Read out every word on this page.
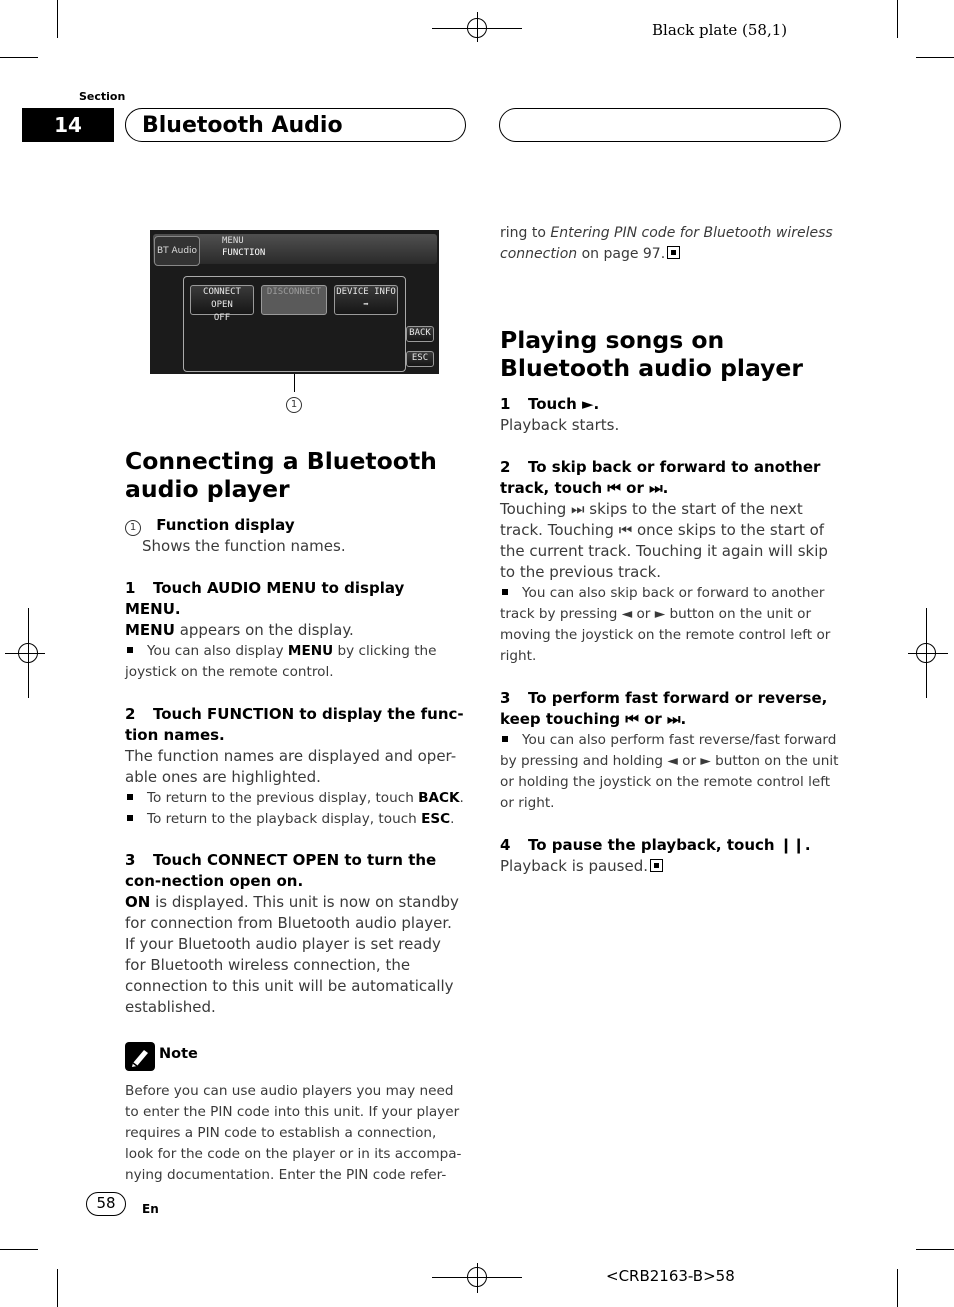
Black plate (58,1)
Section
14	Bluetooth Audio
BT Audio
MENU
FUNCTION
CONNECT OPEN
OFF
DISCONNECT	DEVICE INFO
➡
BACK
ESC
1
Connecting a Bluetooth audio player
1 Function display
Shows the function names.
1 Touch AUDIO MENU to display MENU.
MENU appears on the display.
You can also display MENU by clicking the joystick on the remote control.
2 Touch FUNCTION to display the func-tion names.
The function names are displayed and oper-able ones are highlighted.
To return to the previous display, touch BACK.
To return to the playback display, touch ESC.
3 Touch CONNECT OPEN to turn the con-nection open on.
ON is displayed. This unit is now on standby for connection from Bluetooth audio player.
If your Bluetooth audio player is set ready for Bluetooth wireless connection, the connection to this unit will be automatically established.
Note
Before you can use audio players you may need to enter the PIN code into this unit. If your player requires a PIN code to establish a connection, look for the code on the player or in its accompa-nying documentation. Enter the PIN code refer-
ring to Entering PIN code for Bluetooth wireless connection on page 97.
Playing songs on Bluetooth audio player
1 Touch ►.
Playback starts.
2 To skip back or forward to another track, touch ⏮ or ⏭.
Touching ⏭ skips to the start of the next track. Touching ⏮ once skips to the start of the current track. Touching it again will skip to the previous track.
You can also skip back or forward to another track by pressing ◄ or ► button on the unit or moving the joystick on the remote control left or right.
3 To perform fast forward or reverse, keep touching ⏮ or ⏭.
You can also perform fast reverse/fast forward by pressing and holding ◄ or ► button on the unit or holding the joystick on the remote control left or right.
4 To pause the playback, touch ❙❙.
Playback is paused.
58	En
<CRB2163-B>58
